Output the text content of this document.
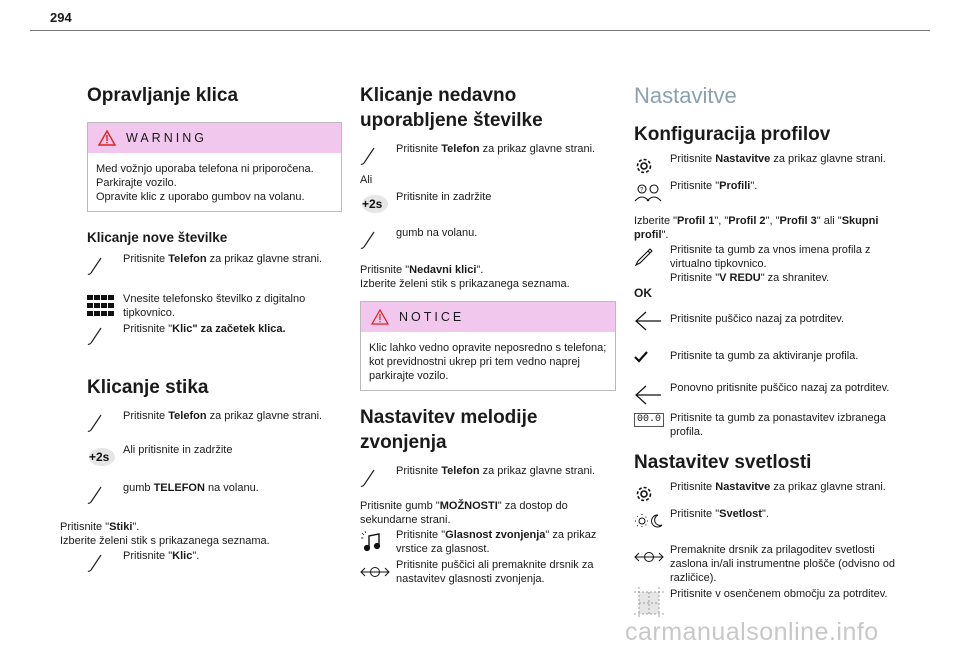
294
Opravljanje klica
WARNING
Med vožnjo uporaba telefona ni priporočena.
Parkirajte vozilo.
Opravite klic z uporabo gumbov na volanu.
Klicanje nove številke
Pritisnite Telefon za prikaz glavne strani.
Vnesite telefonsko številko z digitalno tipkovnico.
Pritisnite "Klic" za začetek klica.
Klicanje stika
Pritisnite Telefon za prikaz glavne strani.
+2s Ali pritisnite in zadržite
gumb TELEFON na volanu.
Pritisnite "Stiki".
Izberite želeni stik s prikazanega seznama.
Pritisnite "Klic".
Klicanje nedavno uporabljene številke
Pritisnite Telefon za prikaz glavne strani.
Ali
+2s Pritisnite in zadržite
gumb na volanu.
Pritisnite "Nedavni klici".
Izberite želeni stik s prikazanega seznama.
NOTICE
Klic lahko vedno opravite neposredno s telefona; kot previdnostni ukrep pri tem vedno naprej parkirajte vozilo.
Nastavitev melodije zvonjenja
Pritisnite Telefon za prikaz glavne strani.
Pritisnite gumb "MOŽNOSTI" za dostop do sekundarne strani.
Pritisnite "Glasnost zvonjenja" za prikaz vrstice za glasnost.
Pritisnite puščici ali premaknite drsnik za nastavitev glasnosti zvonjenja.
Nastavitve
Konfiguracija profilov
Pritisnite Nastavitve za prikaz glavne strani.
? Pritisnite "Profili".
Izberite "Profil 1", "Profil 2", "Profil 3" ali "Skupni profil".
Pritisnite ta gumb za vnos imena profila z virtualno tipkovnico.
OK
Pritisnite "V REDU" za shranitev.
Pritisnite puščico nazaj za potrditev.
Pritisnite ta gumb za aktiviranje profila.
Ponovno pritisnite puščico nazaj za potrditev.
00.0 Pritisnite ta gumb za ponastavitev izbranega profila.
Nastavitev svetlosti
Pritisnite Nastavitve za prikaz glavne strani.
Pritisnite "Svetlost".
Premaknite drsnik za prilagoditev svetlosti zaslona in/ali instrumentne plošče (odvisno od različice).
Pritisnite v osenčenem območju za potrditev.
carmanualsonline.info
